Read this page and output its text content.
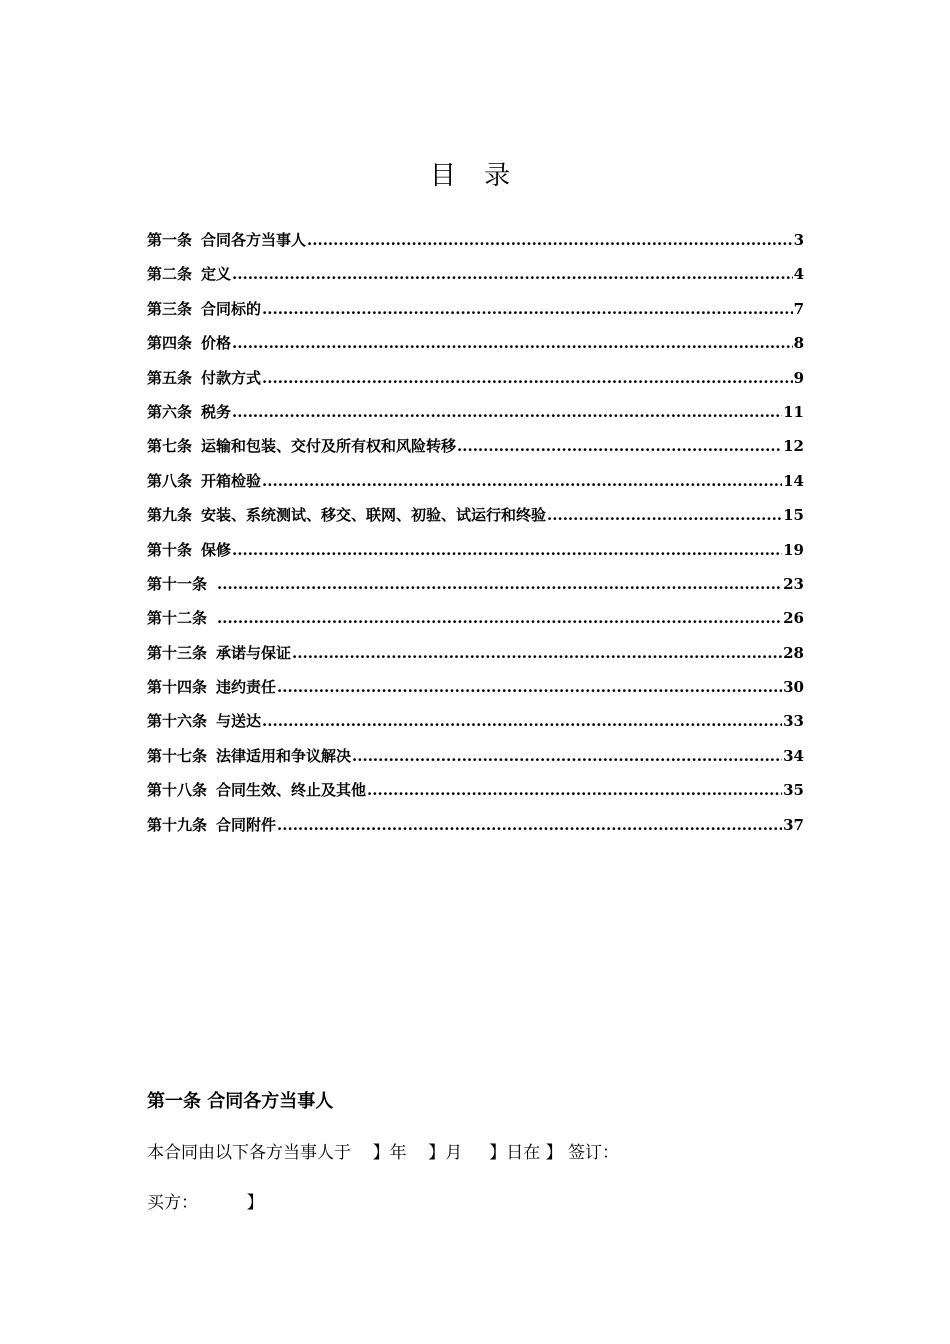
目 录
第一条 合同各方当事人 .....	3
第二条 定义 .....	4
第三条 合同标的 .....	7
第四条 价格 .....	8
第五条 付款方式 .....	9
第六条 税务 .....	11
第七条 运输和包装、交付及所有权和风险转移 .....	12
第八条 开箱检验 .....	14
第九条 安装、系统测试、移交、联网、初验、试运行和终验 .....	15
第十条 保修 .....	19
第十一条 .....	23
第十二条 .....	26
第十三条 承诺与保证 .....	28
第十四条 违约责任 .....	30
第十六条 与送达 .....	33
第十七条 法律适用和争议解决 .....	34
第十八条 合同生效、终止及其他 .....	35
第十九条 合同附件 .....	37
第一条 合同各方当事人
本合同由以下各方当事人于    】年    】月     】日在 】 签订：
买方：         】
